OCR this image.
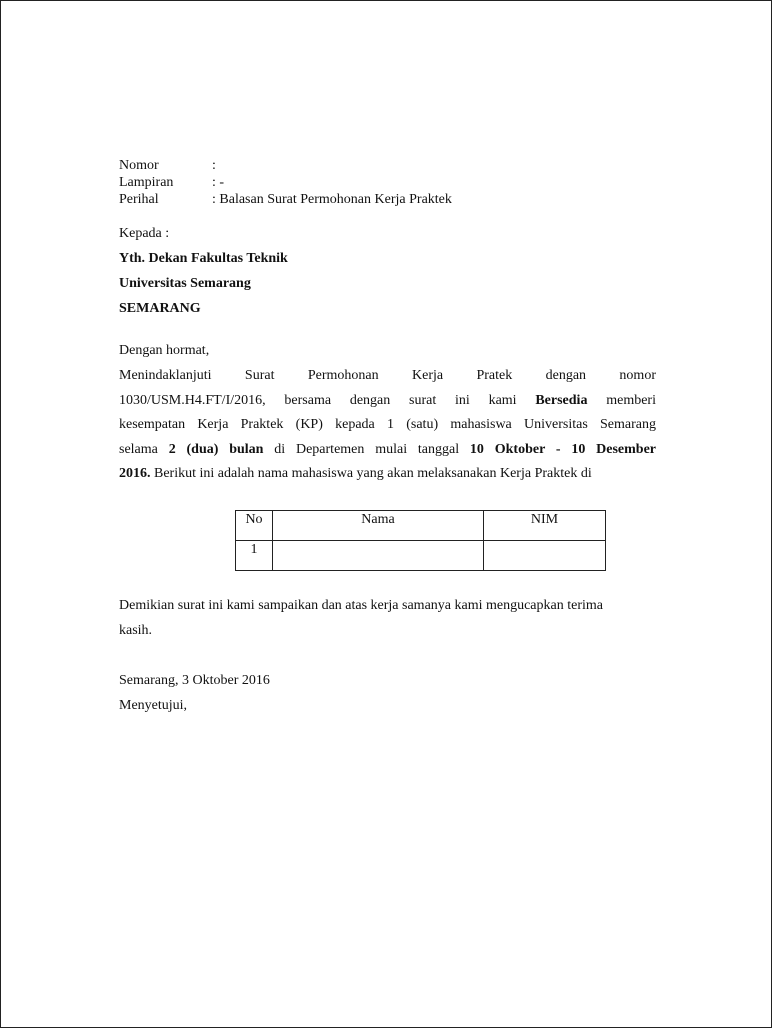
Nomor	:
Lampiran	: -
Perihal	: Balasan Surat Permohonan Kerja Praktek
Kepada :
Yth. Dekan Fakultas Teknik
Universitas Semarang
SEMARANG
Dengan hormat,
Menindaklanjuti Surat Permohonan Kerja Pratek dengan nomor
1030/USM.H4.FT/I/2016, bersama dengan surat ini kami Bersedia memberi
kesempatan Kerja Praktek (KP) kepada 1 (satu) mahasiswa Universitas Semarang
selama 2 (dua) bulan di Departemen mulai tanggal 10 Oktober - 10 Desember
2016. Berikut ini adalah nama mahasiswa yang akan melaksanakan Kerja Praktek di
No	Nama	NIM
1		
Demikian surat ini kami sampaikan dan atas kerja samanya kami mengucapkan terima
kasih.
Semarang, 3 Oktober 2016
Menyetujui,
